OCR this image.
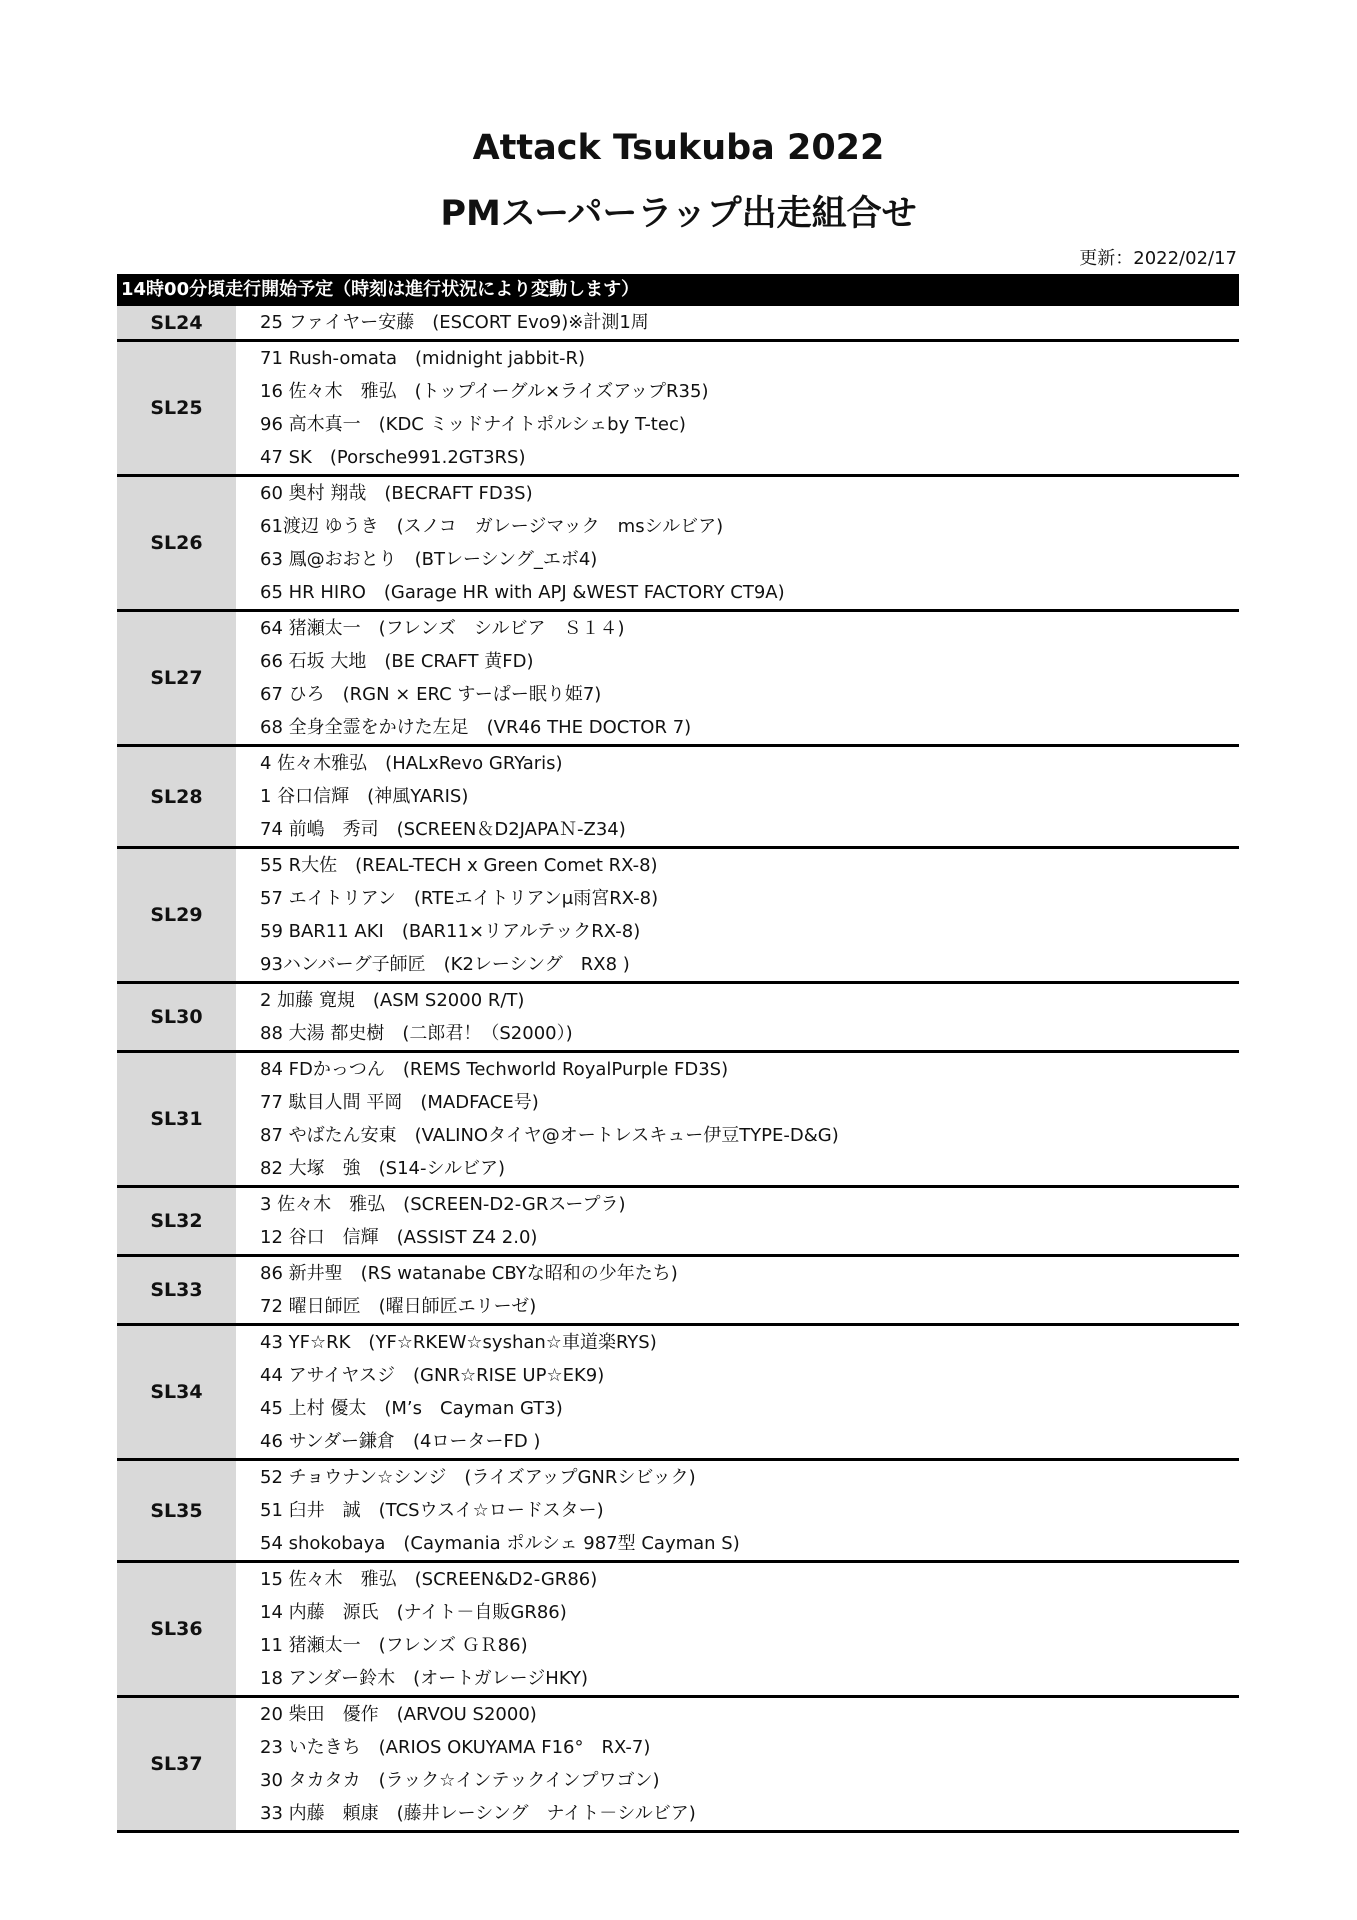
Attack Tsukuba 2022
PMスーパーラップ出走組合せ
更新：2022/02/17
14時00分頃走行開始予定（時刻は進行状況により変動します）
SL24	25 ファイヤー安藤　(ESCORT Evo9)※計測1周
SL25
71 Rush-omata　(midnight jabbit-R)
16 佐々木　雅弘　(トップイーグル×ライズアップR35)
96 高木真一　(KDC ミッドナイトポルシェby T-tec)
47 SK　(Porsche991.2GT3RS)
SL26
60 奥村 翔哉　(BECRAFT FD3S)
61渡辺 ゆうき　(スノコ　ガレージマック　msシルビア)
63 鳳@おおとり　(BTレーシング_エボ4)
65 HR HIRO　(Garage HR with APJ &WEST FACTORY CT9A)
SL27
64 猪瀬太一　(フレンズ　シルビア　Ｓ１４)
66 石坂 大地　(BE CRAFT 黄FD)
67 ひろ　(RGN × ERC すーぱー眠り姫7)
68 全身全霊をかけた左足　(VR46 THE DOCTOR 7)
SL28
4 佐々木雅弘　(HALxRevo GRYaris)
1 谷口信輝　(神風YARIS)
74 前嶋　秀司　(SCREEN＆D2JAPAＮ-Z34)
SL29
55 R大佐　(REAL-TECH x Green Comet RX-8)
57 エイトリアン　(RTEエイトリアンμ雨宮RX-8)
59 BAR11 AKI　(BAR11×リアルテックRX-8)
93ハンバーグ子師匠　(K2レーシング　RX8 )
SL30
2 加藤 寛規　(ASM S2000 R/T)
88 大湯 都史樹　(二郎君！（S2000）)
SL31
84 FDかっつん　(REMS Techworld RoyalPurple FD3S)
77 駄目人間 平岡　(MADFACE号)
87 やばたん安東　(VALINOタイヤ@オートレスキュー伊豆TYPE-D&G)
82 大塚　強　(S14-シルビア)
SL32
3 佐々木　雅弘　(SCREEN-D2-GRスープラ)
12 谷口　信輝　(ASSIST Z4 2.0)
SL33
86 新井聖　(RS watanabe CBYな昭和の少年たち)
72 曜日師匠　(曜日師匠エリーゼ)
SL34
43 YF☆RK　(YF☆RKEW☆syshan☆車道楽RYS)
44 アサイヤスジ　(GNR☆RISE UP☆EK9)
45 上村 優太　(M’s　Cayman GT3)
46 サンダー鎌倉　(4ローターFD )
SL35
52 チョウナン☆シンジ　(ライズアップGNRシビック)
51 臼井　誠　(TCSウスイ☆ロードスター)
54 shokobaya　(Caymania ポルシェ 987型 Cayman S)
SL36
15 佐々木　雅弘　(SCREEN&D2-GR86)
14 内藤　源氏　(ナイト－自販GR86)
11 猪瀬太一　(フレンズ ＧＲ86)
18 アンダー鈴木　(オートガレージHKY)
SL37
20 柴田　優作　(ARVOU S2000)
23 いたきち　(ARIOS OKUYAMA F16°　RX-7)
30 タカタカ　(ラック☆インテックインプワゴン)
33 内藤　頼康　(藤井レーシング　ナイト－シルビア)
